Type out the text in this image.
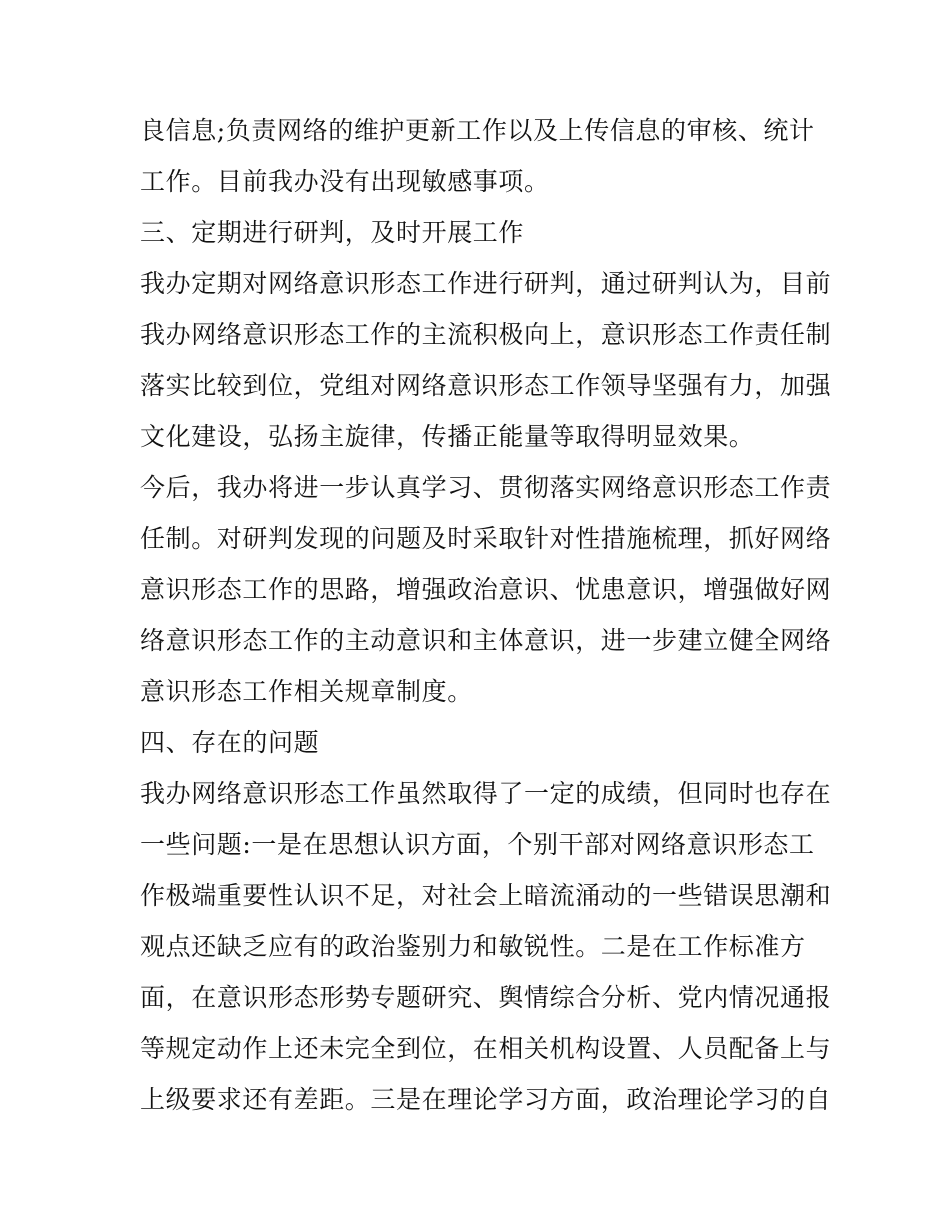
良信息;负责网络的维护更新工作以及上传信息的审核、统计
工作。目前我办没有出现敏感事项。
三、定期进行研判，及时开展工作
我办定期对网络意识形态工作进行研判，通过研判认为，目前
我办网络意识形态工作的主流积极向上，意识形态工作责任制
落实比较到位，党组对网络意识形态工作领导坚强有力，加强
文化建设，弘扬主旋律，传播正能量等取得明显效果。
今后，我办将进一步认真学习、贯彻落实网络意识形态工作责
任制。对研判发现的问题及时采取针对性措施梳理，抓好网络
意识形态工作的思路，增强政治意识、忧患意识，增强做好网
络意识形态工作的主动意识和主体意识，进一步建立健全网络
意识形态工作相关规章制度。
四、存在的问题
我办网络意识形态工作虽然取得了一定的成绩，但同时也存在
一些问题:一是在思想认识方面，个别干部对网络意识形态工
作极端重要性认识不足，对社会上暗流涌动的一些错误思潮和
观点还缺乏应有的政治鉴别力和敏锐性。二是在工作标准方
面，在意识形态形势专题研究、舆情综合分析、党内情况通报
等规定动作上还未完全到位，在相关机构设置、人员配备上与
上级要求还有差距。三是在理论学习方面，政治理论学习的自
